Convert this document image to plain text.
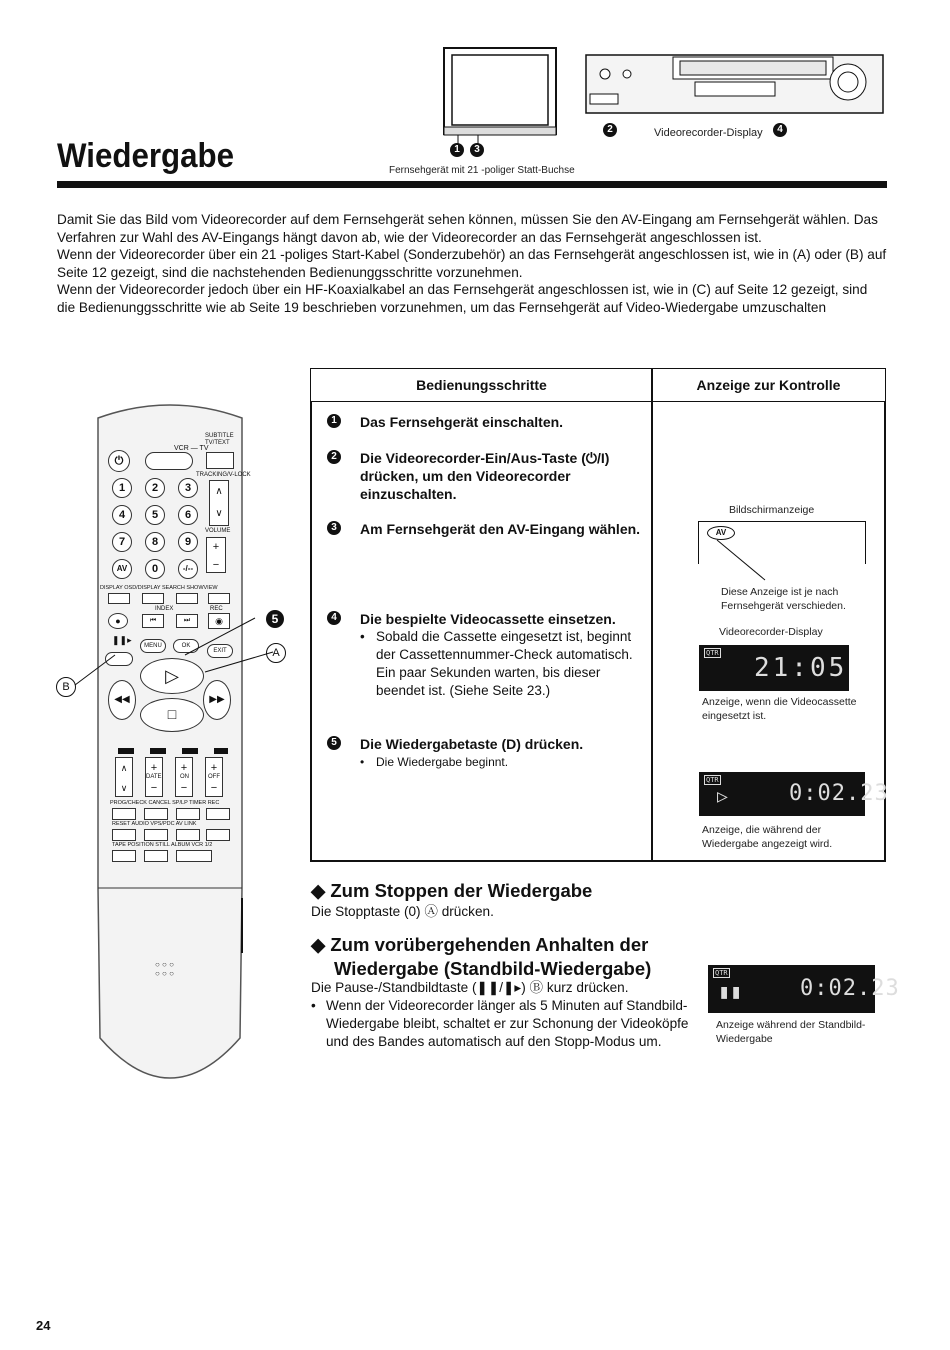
Wiedergabe	1	3
Fernsehgerät mit 21 -poliger Statt-Buchse
2	4
Videorecorder-Display

Damit Sie das Bild vom Videorecorder auf dem Fernsehgerät sehen können, müssen Sie den AV-Eingang am Fernsehgerät wählen. Das Verfahren zur Wahl des AV-Eingangs hängt davon ab, wie der Videorecorder an das Fernsehgerät angeschlossen ist.

Wenn der Videorecorder über ein 21 -poliges Start-Kabel (Sonderzubehör) an das Fernsehgerät angeschlossen ist, wie in (A) oder (B) auf Seite 12 gezeigt, sind die nachstehenden Bedienunggsschritte vorzunehmen.

Wenn der Videorecorder jedoch über ein HF-Koaxialkabel an das Fernsehgerät angeschlossen ist, wie in (C) auf Seite 12 gezeigt, sind die Bedienunggsschritte wie ab Seite 19 beschrieben vorzunehmen, um das Fernsehgerät auf Video-Wiedergabe umzuschalten

Bedienungsschritte	Anzeige zur Kontrolle
1	Das Fernsehgerät einschalten.
2	Die Videorecorder-Ein/Aus-Taste (⏻/I) drücken, um den Videorecorder einzuschalten.
3	Am Fernsehgerät den AV-Eingang wählen.
4	Die bespielte Videocassette einsetzen.
• Sobald die Cassette eingesetzt ist, beginnt der Cassettennummer-Check automatisch. Ein paar Sekunden warten, bis dieser beendet ist. (Siehe Seite 23.)
5	Die Wiedergabetaste (D) drücken.
• Die Wiedergabe beginnt.
Bildschirmanzeige
AV
Diese Anzeige ist je nach Fernsehgerät verschieden.
Videorecorder-Display
QTR 21:05
Anzeige, wenn die Videocassette eingesetzt ist.
QTR
▷	0:02.23
Anzeige, die während der Wiedergabe angezeigt wird.
◆ Zum Stoppen der Wiedergabe
Die Stopptaste (0) Ⓐ drücken.
◆ Zum vorübergehenden Anhalten der
Wiedergabe (Standbild-Wiedergabe)
Die Pause-/Standbildtaste (❚❚/❚▸) Ⓑ kurz drücken.
• Wenn der Videorecorder länger als 5 Minuten auf Standbild-Wiedergabe bleibt, schaltet er zur Schonung der Videoköpfe und des Bandes automatisch auf den Stopp-Modus um.
QTR
▮▮	0:02.23
Anzeige während der Standbild-Wiedergabe
VCR — TV
SUBTITLE
TV/TEXT
⏻
TRACKING/V-LOCK
1	2	3
4	5	6
7	8	9
AV	0	-/--
∧
∨
VOLUME
+
−
DISPLAY OSD/DISPLAY SEARCH SHOWVIEW
INDEX	REC
●	⏮	⏭	◉
❚❚▸
MENU	OK
EXIT
▷
◀◀	▶▶
□
∧
∨
+
−
+
−
+
−
DATE	ON	OFF
PROG/CHECK CANCEL SP/LP TIMER REC
RESET AUDIO VPS/PDC AV LINK
TAPE POSITION STILL ALBUM VCR 1/2
5
A
B
○ ○ ○
○ ○ ○
24
